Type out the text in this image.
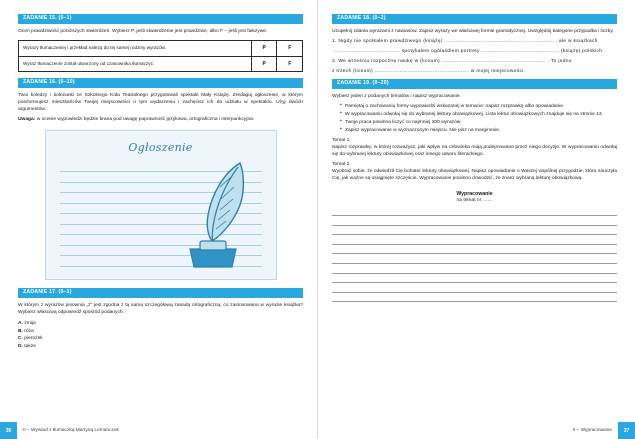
ZADANIE 15. (0–1)

Oceń prawdziwość poniższych stwierdzeń. Wybierz P, jeśli stwierdzenie jest prawdziwe, albo F – jeśli jest fałszywe.

Wyrazy tłumaczeniej i przekład należą do tej samej rodziny wyrazów.	P	F
Wyraz tłumaczenie został utworzony od czasownika tłumaczyć.	P	F
ZADANIE 16. (0–10)

Twoi koledzy i koleżanki ze Szkolnego Koła Teatralnego przygotowali spektakl Mały Książę. Zredaguj ogłoszenie, w którym poinformujesz mieszkańców Twojej miejscowości o tym wydarzeniu i zachęcisz ich do udziału w spektaklu. Użyj dwóch argumentów.

Uwaga: w ocenie wypowiedzi będzie brana pod uwagę poprawność językowa, ortograficzna i interpunkcyjna.

Ogłoszenie
ZADANIE 17. (0–1)

W którym z wyrazów pisownia „ż" jest zgodna z tą samą szczegółową zasadą ortograficzną, co zastosowana w wyrazie książka? Wybierz właściwą odpowiedź spośród podanych.

A. żmija
B. róża
C. pierożek
D. także
36	II – Wywiad z tłumaczką Martyną Lemańczuk
ZADANIE 18. (0–2)

Uzupełnij zdania wyrazami z nawiasów. Zapisz wyrazy we właściwej formie gramatycznej. Uwzględnij kategorie przypadka i liczby.

1. Nigdy nie spotkałem prawdziwego (książę) .................................................................. , ale w książkach

......................................... spotykałem ogólaśdiem portrety ............................................... (książę) polskich.

2. We wrześniu rozpocznę naukę w (liceum) ............................................................... . To jedno

z trzech (liceum) ......................................................... w mojej miejscowości.

ZADANIE 19. (0–20)

Wybierz jeden z podanych tematów i napisz wypracowanie.

• Pamiętaj o zachowaniu formy wypowiedzi wskazanej w temacie: napisz rozprawkę albo opowiadanie.
• W wypracowaniu odwołaj się do wybranej lektury obowiązkowej. Lista lektur obowiązkowych znajduje się na stronie 13.
• Twoja praca powinna liczyć co najmniej 200 wyrazów.
• Zapisz wypracowanie w wyznaczonym miejscu. Nie pisz na marginesie.
Temat 1.

Napisz rozprawkę, w której rozważysz, jaki wpływ na człowieka mają podejmowane przez niego decyzje. W wypracowaniu odwołaj się do wybranej lektury obowiązkowej oraz innego utworu literackiego.

Temat 2.

Wyobraź sobie, że odwiedził Cię bohater lektury obowiązkowej. Napisz opowiadanie o Waszej wspólnej przygodzie, która nauczyła Cię, jak ważne są osiągnięte szczęście. Wypracowanie powinno dowodzić, że znasz wybraną lekturę obowiązkową.

Wypracowanie
na temat nr ……
II – Wypracowanie	37
